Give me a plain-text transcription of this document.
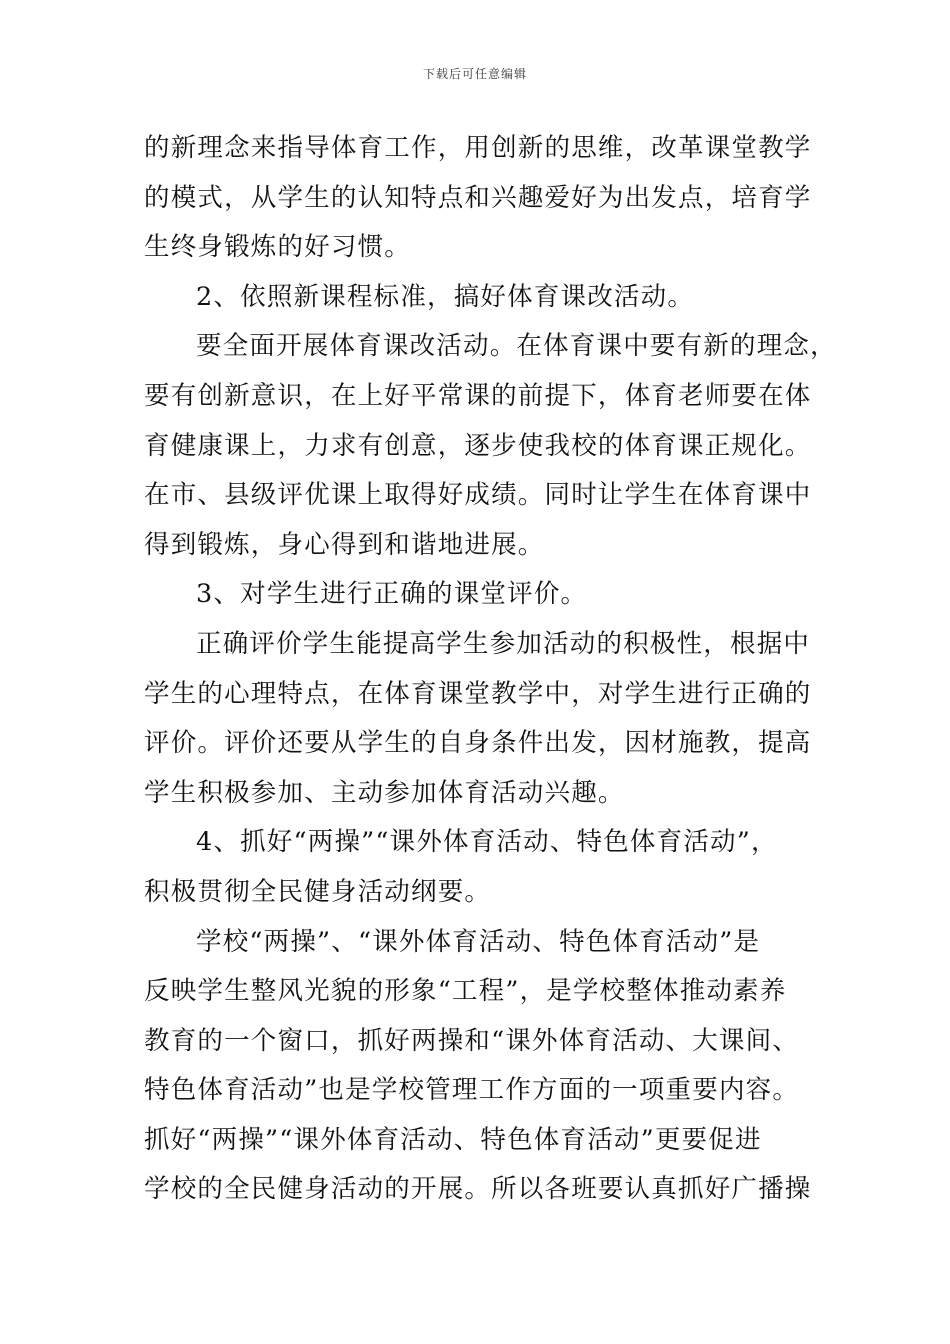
下载后可任意编辑
的新理念来指导体育工作，用创新的思维，改革课堂教学
的模式，从学生的认知特点和兴趣爱好为出发点，培育学
生终身锻炼的好习惯。
2、依照新课程标准，搞好体育课改活动。
要全面开展体育课改活动。在体育课中要有新的理念，
要有创新意识，在上好平常课的前提下，体育老师要在体
育健康课上，力求有创意，逐步使我校的体育课正规化。
在市、县级评优课上取得好成绩。同时让学生在体育课中
得到锻炼，身心得到和谐地进展。
3、对学生进行正确的课堂评价。
正确评价学生能提高学生参加活动的积极性，根据中
学生的心理特点，在体育课堂教学中，对学生进行正确的
评价。评价还要从学生的自身条件出发，因材施教，提高
学生积极参加、主动参加体育活动兴趣。
4、抓好“两操”“课外体育活动、特色体育活动”，
积极贯彻全民健身活动纲要。
学校“两操”、“课外体育活动、特色体育活动”是
反映学生整风光貌的形象“工程”，是学校整体推动素养
教育的一个窗口，抓好两操和“课外体育活动、大课间、
特色体育活动”也是学校管理工作方面的一项重要内容。
抓好“两操”“课外体育活动、特色体育活动”更要促进
学校的全民健身活动的开展。所以各班要认真抓好广播操
